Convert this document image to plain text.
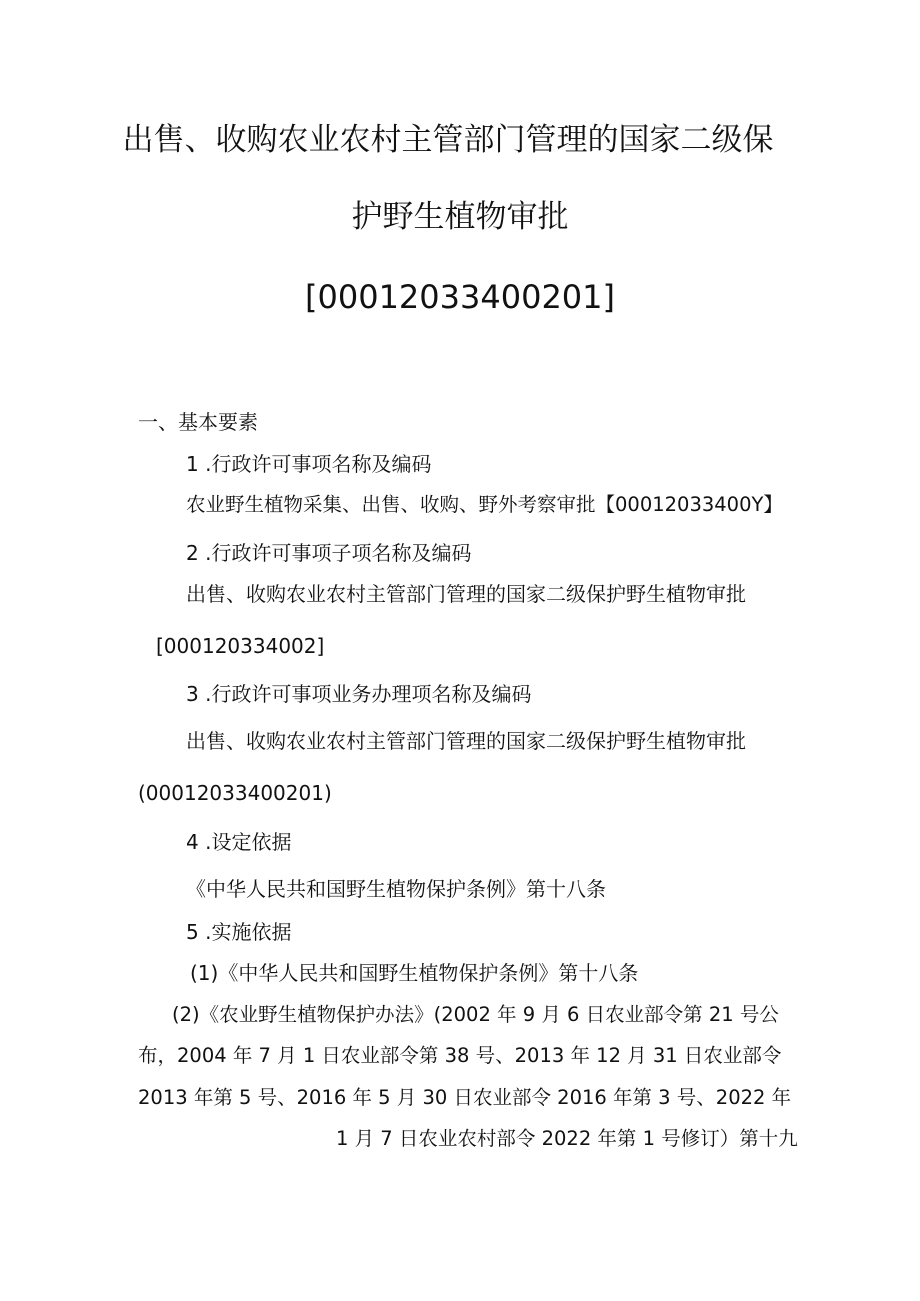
出售、收购农业农村主管部门管理的国家二级保
护野生植物审批
[00012033400201]
一、基本要素
1 .行政许可事项名称及编码
农业野生植物采集、出售、收购、野外考察审批【00012033400Y】
2 .行政许可事项子项名称及编码
出售、收购农业农村主管部门管理的国家二级保护野生植物审批
[000120334002]
3 .行政许可事项业务办理项名称及编码
出售、收购农业农村主管部门管理的国家二级保护野生植物审批
(00012033400201)
4 .设定依据
《中华人民共和国野生植物保护条例》第十八条
5 .实施依据
(1)《中华人民共和国野生植物保护条例》第十八条
(2)《农业野生植物保护办法》(2002 年 9 月 6 日农业部令第 21 号公
布，2004 年 7 月 1 日农业部令第 38 号、2013 年 12 月 31 日农业部令
2013 年第 5 号、2016 年 5 月 30 日农业部令 2016 年第 3 号、2022 年
1 月 7 日农业农村部令 2022 年第 1 号修订）第十九
